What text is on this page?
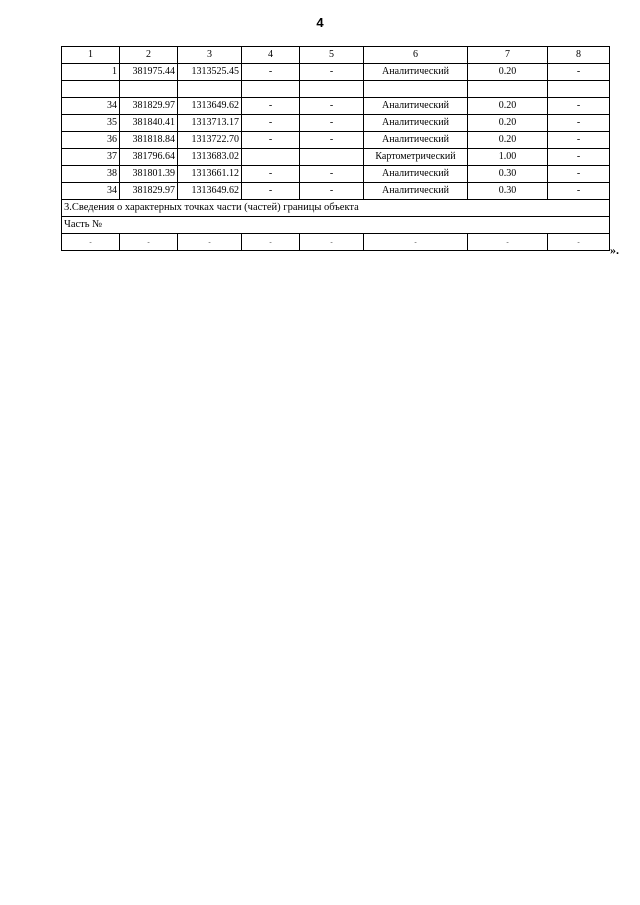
4
1	2	3	4	5	6	7	8
1	381975.44	1313525.45	-	-	Аналитический	0.20	-

34	381829.97	1313649.62	-	-	Аналитический	0.20	-
35	381840.41	1313713.17	-	-	Аналитический	0.20	-
36	381818.84	1313722.70	-	-	Аналитический	0.20	-
37	381796.64	1313683.02			Картометрический	1.00	-
38	381801.39	1313661.12	-	-	Аналитический	0.30	-
34	381829.97	1313649.62	-	-	Аналитический	0.30	-
3.Сведения о характерных точках части (частей) границы объекта							
Часть №							
-	-	-	-	-	-	-	-
».
